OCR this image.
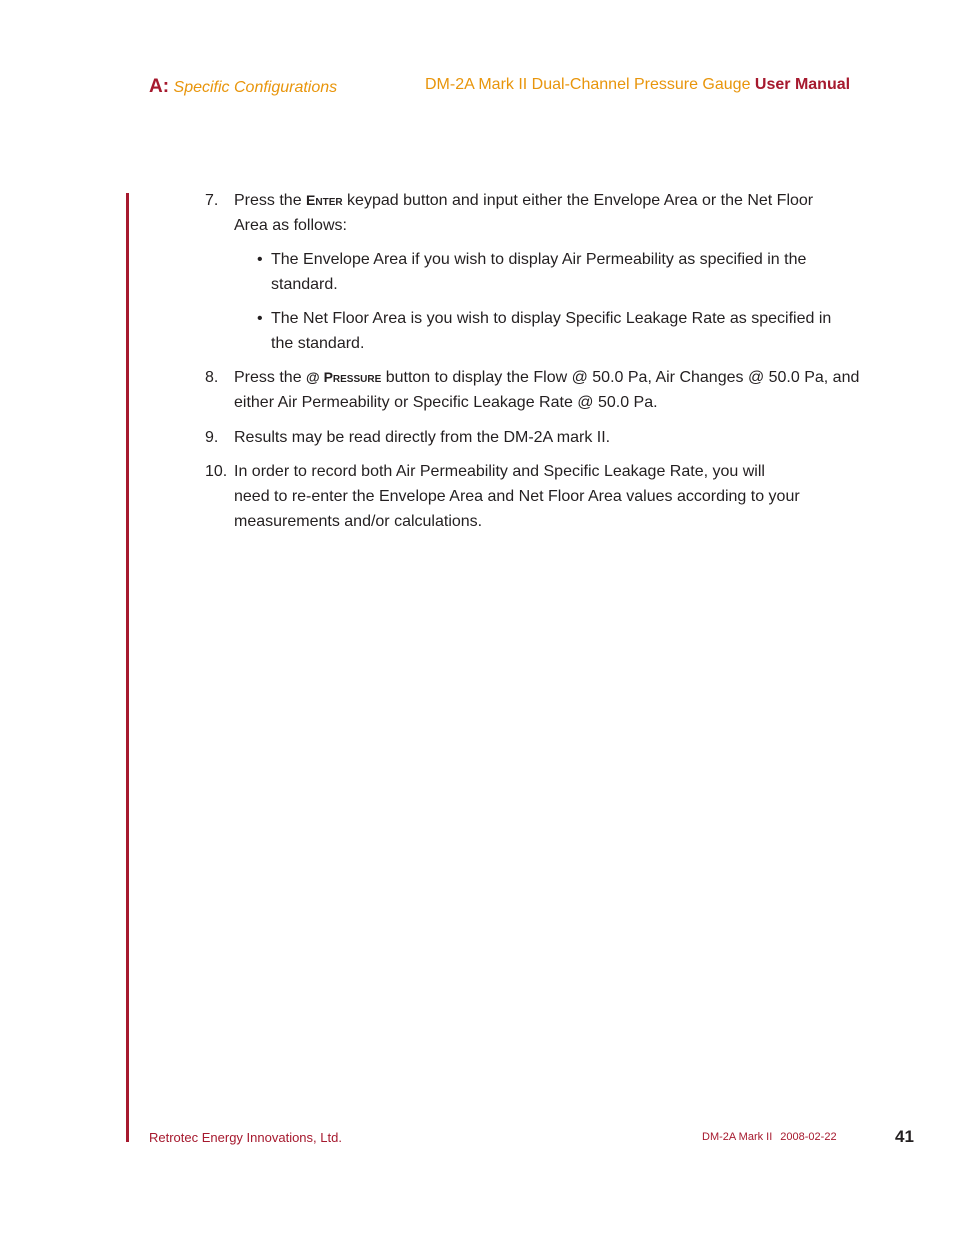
A: Specific Configurations	DM-2A Mark II Dual-Channel Pressure Gauge User Manual
7. Press the Enter keypad button and input either the Envelope Area or the Net Floor
Area as follows:
• The Envelope Area if you wish to display Air Permeability as specified in the
standard.
• The Net Floor Area is you wish to display Specific Leakage Rate as specified in
the standard.
8. Press the @ Pressure button to display the Flow @ 50.0 Pa, Air Changes @ 50.0 Pa, and
either Air Permeability or Specific Leakage Rate @ 50.0 Pa.
9. Results may be read directly from the DM-2A mark II.
10. In order to record both Air Permeability and Specific Leakage Rate, you will
need to re-enter the Envelope Area and Net Floor Area values according to your
measurements and/or calculations.
Retrotec Energy Innovations, Ltd.	DM-2A Mark II 2008-02-22	41
